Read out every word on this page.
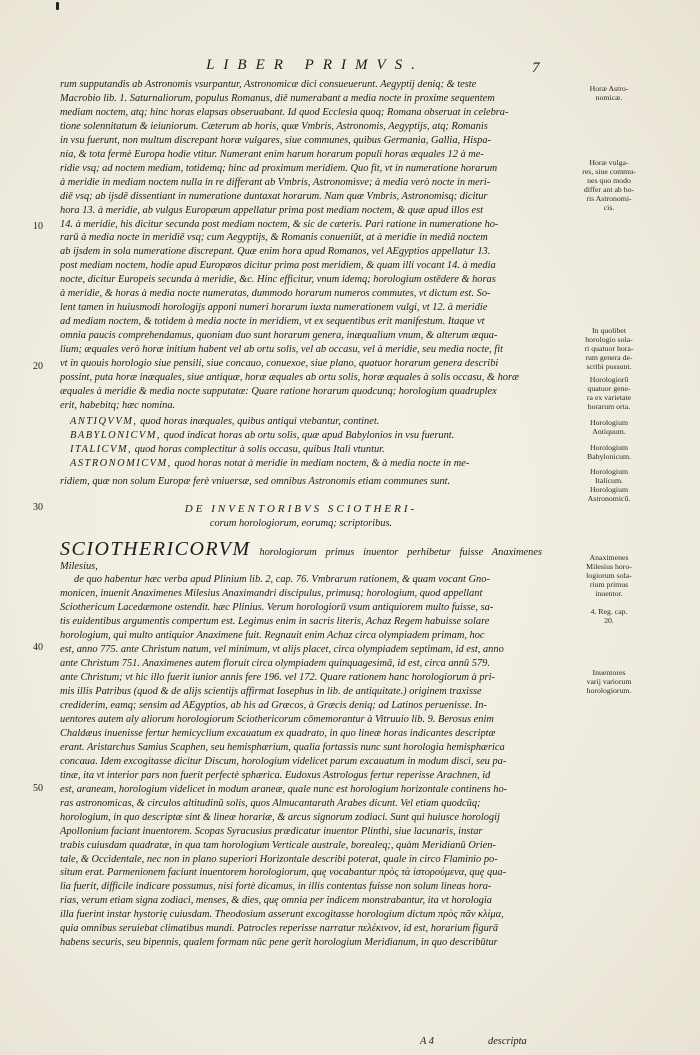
LIBER PRIMVS.	7
10
20
30
40
50

rum supputandis ab Astronomis vsurpantur, Astronomicæ dici consueuerunt. Aegyptij deniq; & teste

Macrobio lib. 1. Saturnaliorum, populus Romanus, diē numerabant a media nocte in proxime sequentem

mediam noctem, atq; hinc horas elapsas obseruabant. Id quod Ecclesia quoq; Romana obseruat in celebra-

tione solennitatum & ieiuniorum. Cæterum ab horis, quæ Vmbris, Astronomis, Aegyptijs, atq; Romanis

in vsu fuerunt, non multum discrepant horæ vulgares, siue communes, quibus Germania, Gallia, Hispa-

nia, & tota fermè Europa hodie vtitur. Numerant enim harum horarum populi horas æquales 12 à me-

ridie vsq; ad noctem mediam, totidemq; hinc ad proximum meridiem. Quo fit, vt in numeratione horarum

à meridie in mediam noctem nulla in re differant ab Vmbris, Astronomisve; à media verò nocte in meri-

diē vsq; ab ijsdē dissentiant in numeratione duntaxat horarum. Nam quæ Vmbris, Astronomisq; dicitur

hora 13. à meridie, ab vulgus Europæum appellatur prima post mediam noctem, & quæ apud illos est

14. à meridie, his dicitur secunda post mediam noctem, & sic de cæteris. Pari ratione in numeratione ho-

rarū à media nocte in meridiē vsq; cum Aegyptijs, & Romanis conueniūt, at à meridie in mediā noctem

ab ijsdem in sola numeratione discrepant. Quæ enim hora apud Romanos, vel AEgyptios appellatur 13.

post mediam noctem, hodie apud Europæos dicitur prima post meridiem, & quam illi vocant 14. à media

nocte, dicitur Europeis secunda à meridie, &c. Hinc efficitur, vnum idemq; horologium ostēdere & horas

à meridie, & horas à media nocte numeratas, dummodo horarum numeros commutes, vt dictum est. So-

lent tamen in huiusmodi horologijs apponi numeri horarum iuxta numerationem vulgi, vt 12. à meridie

ad mediam noctem, & totidem à media nocte in meridiem, vt ex sequentibus erit manifestum. Itaque vt

omnia paucis comprehendamus, quoniam duo sunt horarum genera, inæqualium vnum, & alterum æqua-

lium; æquales verò horæ initium habent vel ab ortu solis, vel ab occasu, vel à meridie, seu media nocte, fit

vt in quouis horologio siue pensili, siue concauo, conuexoe, siue plano, quatuor horarum genera describi

possint, puta horæ inæquales, siue antiquæ, horæ æquales ab ortu solis, horæ æquales à solis occasu, & horæ

æquales à meridie & media nocte supputatæ: Quare ratione horarum quodcunq; horologium quadruplex

erit, habebitq; hæc nomina.

ANTIQVVM, quod horas inæquales, quibus antiqui vtebantur, continet.

BABYLONICVM, quod indicat horas ab ortu solis, quæ apud Babylonios in vsu fuerunt.

ITALICVM, quod horas complectitur à solis occasu, quibus Itali vtuntur.

ASTRONOMICVM, quod horas notat à meridie in mediam noctem, & à media nocte in me-

ridiem, quæ non solum Europæ ferè vniuersæ, sed omnibus Astronomis etiam communes sunt.

DE INVENTORIBVS SCIOTHERI-
corum horologiorum, eorumq; scriptoribus.

SCIOTHERICORVM horologiorum primus inuentor perhibetur fuisse Anaximenes Milesius,

de quo habentur hæc verba apud Plinium lib. 2, cap. 76. Vmbrarum rationem, & quam vocant Gno-

monicen, inuenit Anaximenes Milesius Anaximandri discipulus, primusq; horologium, quod appellant

Sciothericum Lacedæmone ostendit. hæc Plinius. Verum horologiorū vsum antiquiorem multo fuisse, sa-

tis euidentibus argumentis compertum est. Legimus enim in sacris literis, Achaz Regem habuisse solare

horologium, qui multo antiquior Anaximene fuit. Regnauit enim Achaz circa olympiadem primam, hoc

est, anno 775. ante Christum natum, vel minimum, vt alijs placet, circa olympiadem septimam, id est, anno

ante Christum 751. Anaximenes autem floruit circa olympiadem quinquagesimā, id est, circa annū 579.

ante Christum; vt hic illo fuerit iunior annis fere 196. vel 172. Quare rationem hanc horologiorum à pri-

mis illis Patribus (quod & de alijs scientijs affirmat Iosephus in lib. de antiquitate.) originem traxisse

crediderim, eamq; sensim ad AEgyptios, ab his ad Græcos, à Græcis deniq; ad Latinos peruenisse. In-

uentores autem aly aliorum horologiorum Sciothericorum cōmemorantur à Vitruuio lib. 9. Berosus enim

Chaldæus inuenisse fertur hemicyclium excauatum ex quadrato, in quo lineæ horas indicantes descriptæ

erant. Aristarchus Samius Scaphen, seu hemisphærium, qualia fortassis nunc sunt horologia hemisphærica

concaua. Idem excogitasse dicitur Discum, horologium videlicet parum excauatum in modum disci, seu pa-

tinæ, ita vt interior pars non fuerit perfectè sphærica. Eudoxus Astrologus fertur reperisse Arachnen, id

est, araneam, horologium videlicet in modum araneæ, quale nunc est horologium horizontale continens ho-

ras astronomicas, & circulos altitudinū solis, quos Almucantarath Arabes dicunt. Vel etiam quodcūq;

horologium, in quo descriptæ sint & lineæ horariæ, & arcus signorum zodiaci. Sunt qui huiusce horologij

Apollonium faciant inuentorem. Scopas Syracusius prædicatur inuentor Plinthi, siue lacunaris, instar

trabis cuiusdam quadratæ, in qua tam horologium Verticale australe, borealeq;, quàm Meridianū Orien-

tale, & Occidentale, nec non in plano superiori Horizontale describi poterat, quale in circo Flaminio po-

situm erat. Parmenionem faciunt inuentorem horologiorum, quę vocabantur πρὸς τὰ ἱστορούμενα, quę qua-

lia fuerit, difficile indicare possumus, nisi fortè dicamus, in illis contentas fuisse non solum lineas hora-

rias, verum etiam signa zodiaci, menses, & dies, quę omnia per indicem monstrabantur, ita vt horologia

illa fuerint instar hystorię cuiusdam. Theodosium asserunt excogitasse horologium dictum πρὸς πᾶν κλίμα,

quia omnibus seruiebat climatibus mundi. Patrocles reperisse narratur πελέκινον, id est, horarium figurā

habens securis, seu bipennis, qualem formam nūc pene gerit horologium Meridianum, in quo describūtur

Horæ Astro-
nomicæ.
Horæ vulga-
res, siue commu-
nes quo modo
differ ant ab ho-
ris Astronomi-
cis.
In quolibet
horologio sola-
ri quatuor hora-
rum genera de-
scribi possunt.
Horologiorū
quatuor gene-
ra ex varietate
horarum orta.
Horologium
Antiquum.
Horologium
Babylonicum.
Horologium
Italicum.
Horologium
Astronomicū.
Anaximenes
Milesius horo-
logiorum sola-
rium primus
inuentor.
4. Reg. cap.
20.
Inuentores
varij variorum
horologiorum.
A 4	descripta
